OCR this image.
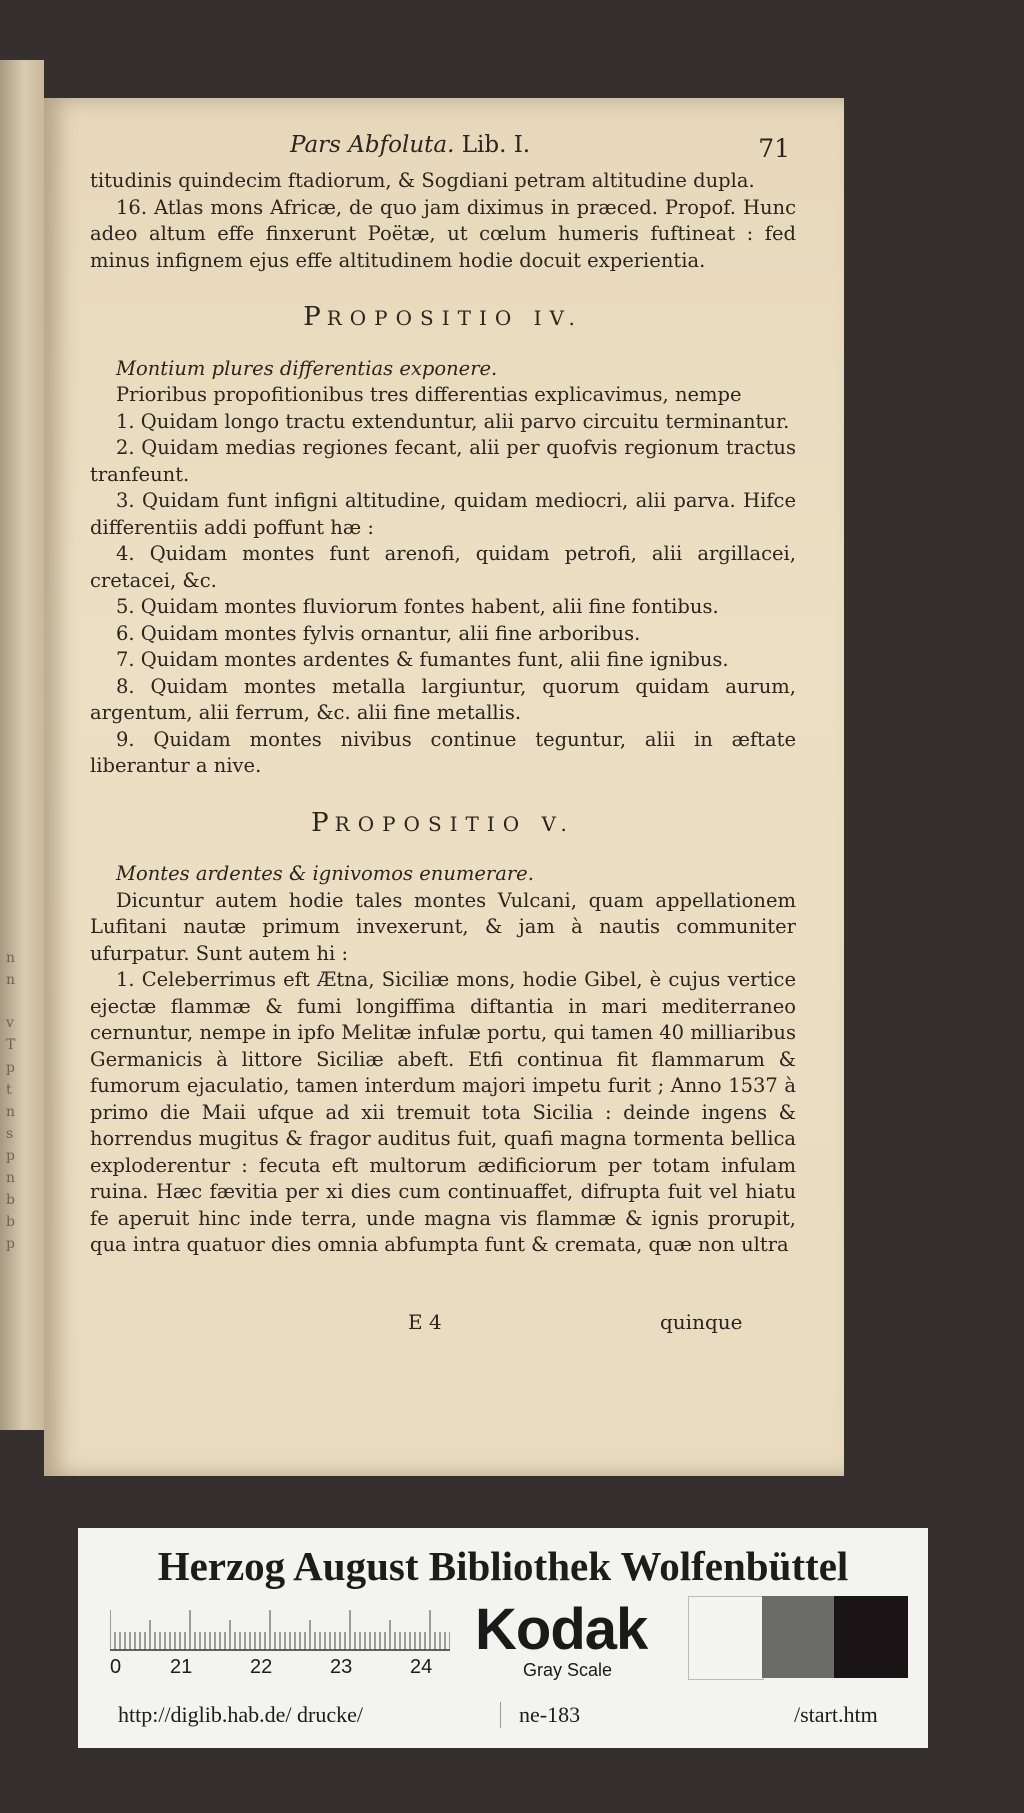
n
n
v
T
p
t
n
s
p
n
b
b
p
Pars Abfoluta. Lib. I.	71

titudinis quindecim ftadiorum, & Sogdiani petram altitudine dupla.

16. Atlas mons Africæ, de quo jam diximus in præced. Propof. Hunc adeo altum effe finxerunt Poëtæ, ut cœlum humeris fuftineat : fed minus infignem ejus effe altitudinem hodie docuit experientia.

PROPOSITIO IV.

Montium plures differentias exponere.

Prioribus propofitionibus tres differentias explicavimus, nempe

1. Quidam longo tractu extenduntur, alii parvo circuitu terminantur.

2. Quidam medias regiones fecant, alii per quofvis regionum tractus tranfeunt.

3. Quidam funt infigni altitudine, quidam mediocri, alii parva. Hifce differentiis addi poffunt hæ :

4. Quidam montes funt arenofi, quidam petrofi, alii argillacei, cretacei, &c.

5. Quidam montes fluviorum fontes habent, alii fine fontibus.

6. Quidam montes fylvis ornantur, alii fine arboribus.

7. Quidam montes ardentes & fumantes funt, alii fine ignibus.

8. Quidam montes metalla largiuntur, quorum quidam aurum, argentum, alii ferrum, &c. alii fine metallis.

9. Quidam montes nivibus continue teguntur, alii in æftate liberantur a nive.

PROPOSITIO V.

Montes ardentes & ignivomos enumerare.

Dicuntur autem hodie tales montes Vulcani, quam appellationem Lufitani nautæ primum invexerunt, & jam à nautis communiter ufurpatur. Sunt autem hi :

1. Celeberrimus eft Ætna, Siciliæ mons, hodie Gibel, è cujus vertice ejectæ flammæ & fumi longiffima diftantia in mari mediterraneo cernuntur, nempe in ipfo Melitæ infulæ portu, qui tamen 40 milliaribus Germanicis à littore Siciliæ abeft. Etfi continua fit flammarum & fumorum ejaculatio, tamen interdum majori impetu furit ; Anno 1537 à primo die Maii ufque ad xii tremuit tota Sicilia : deinde ingens & horrendus mugitus & fragor auditus fuit, quafi magna tormenta bellica exploderentur : fecuta eft multorum ædificiorum per totam infulam ruina. Hæc fævitia per xi dies cum continuaffet, difrupta fuit vel hiatu fe aperuit hinc inde terra, unde magna vis flammæ & ignis prorupit, qua intra quatuor dies omnia abfumpta funt & cremata, quæ non ultra

E 4	quinque
Herzog August Bibliothek Wolfenbüttel
0 21	22	23	24
Kodak
Gray Scale
http://diglib.hab.de/ drucke/	ne-183	/start.htm
